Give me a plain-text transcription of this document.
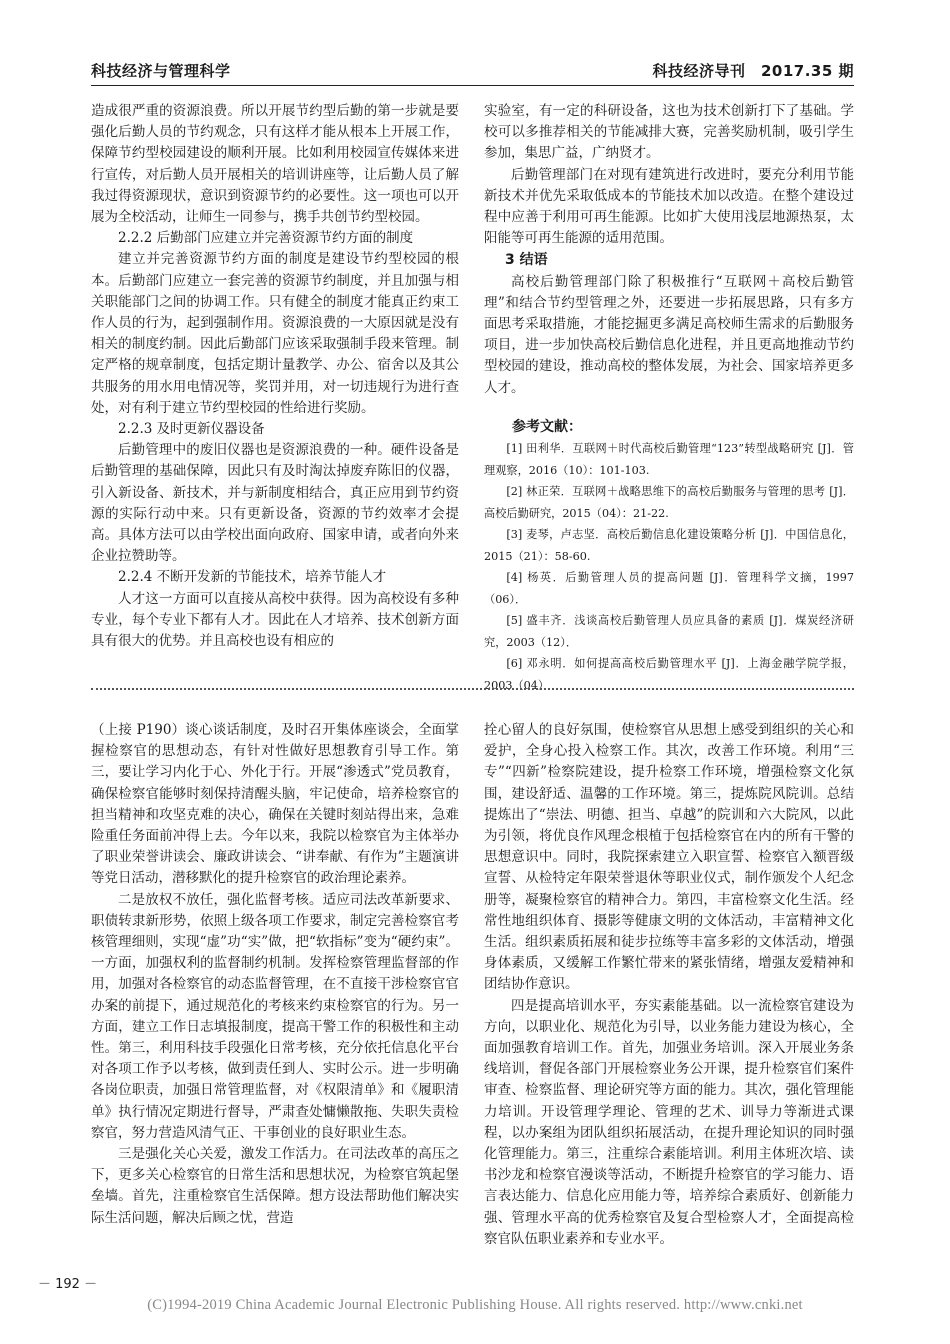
科技经济与管理科学	科技经济导刊　2017.35 期

造成很严重的资源浪费。所以开展节约型后勤的第一步就是要强化后勤人员的节约观念，只有这样才能从根本上开展工作，保障节约型校园建设的顺利开展。比如利用校园宣传媒体来进行宣传，对后勤人员开展相关的培训讲座等，让后勤人员了解我过得资源现状，意识到资源节约的必要性。这一项也可以开展为全校活动，让师生一同参与，携手共创节约型校园。

2.2.2 后勤部门应建立并完善资源节约方面的制度

建立并完善资源节约方面的制度是建设节约型校园的根本。后勤部门应建立一套完善的资源节约制度，并且加强与相关职能部门之间的协调工作。只有健全的制度才能真正约束工作人员的行为，起到强制作用。资源浪费的一大原因就是没有相关的制度约制。因此后勤部门应该采取强制手段来管理。制定严格的规章制度，包括定期计量教学、办公、宿舍以及其公共服务的用水用电情况等，奖罚并用，对一切违规行为进行查处，对有利于建立节约型校园的性给进行奖励。

2.2.3 及时更新仪器设备

后勤管理中的废旧仪器也是资源浪费的一种。硬件设备是后勤管理的基础保障，因此只有及时淘汰掉废弃陈旧的仪器，引入新设备、新技术，并与新制度相结合，真正应用到节约资源的实际行动中来。只有更新设备，资源的节约效率才会提高。具体方法可以由学校出面向政府、国家申请，或者向外来企业拉赞助等。

2.2.4 不断开发新的节能技术，培养节能人才

人才这一方面可以直接从高校中获得。因为高校设有多种专业，每个专业下都有人才。因此在人才培养、技术创新方面具有很大的优势。并且高校也设有相应的

实验室，有一定的科研设备，这也为技术创新打下了基础。学校可以多推荐相关的节能减排大赛，完善奖励机制，吸引学生参加，集思广益，广纳贤才。

后勤管理部门在对现有建筑进行改进时，要充分利用节能新技术并优先采取低成本的节能技术加以改造。在整个建设过程中应善于利用可再生能源。比如扩大使用浅层地源热泵，太阳能等可再生能源的适用范围。

3 结语

高校后勤管理部门除了积极推行“互联网＋高校后勤管理”和结合节约型管理之外，还要进一步拓展思路，只有多方面思考采取措施，才能挖掘更多满足高校师生需求的后勤服务项目，进一步加快高校后勤信息化进程，并且更高地推动节约型校园的建设，推动高校的整体发展，为社会、国家培养更多人才。

参考文献：

[1] 田利华．互联网＋时代高校后勤管理“123”转型战略研究 [J]．管理观察，2016（10）：101-103.

[2] 林正荣．互联网＋战略思维下的高校后勤服务与管理的思考 [J]．高校后勤研究，2015（04）：21-22.

[3] 麦琴，卢志坚．高校后勤信息化建设策略分析 [J]．中国信息化，2015（21）：58-60.

[4] 杨英．后勤管理人员的提高问题 [J]．管理科学文摘，1997（06）．

[5] 盛丰齐．浅谈高校后勤管理人员应具备的素质 [J]．煤炭经济研究，2003（12）．

[6] 邓永明．如何提高高校后勤管理水平 [J]．上海金融学院学报，2003（04）．

（上接 P190）谈心谈话制度，及时召开集体座谈会，全面掌握检察官的思想动态，有针对性做好思想教育引导工作。第三，要让学习内化于心、外化于行。开展“渗透式”党员教育，确保检察官能够时刻保持清醒头脑，牢记使命，培养检察官的担当精神和攻坚克难的决心，确保在关键时刻站得出来，急难险重任务面前冲得上去。今年以来，我院以检察官为主体举办了职业荣誉讲读会、廉政讲读会、“讲奉献、有作为”主题演讲等党日活动，潜移默化的提升检察官的政治理论素养。

二是放权不放任，强化监督考核。适应司法改革新要求、职债转隶新形势，依照上级各项工作要求，制定完善检察官考核管理细则，实现“虚”功“实”做，把“软指标”变为“硬约束”。一方面，加强权利的监督制约机制。发挥检察管理监督部的作用，加强对各检察官的动态监督管理，在不直接干涉检察官官办案的前提下，通过规范化的考核来约束检察官的行为。另一方面，建立工作日志填报制度，提高干警工作的积极性和主动性。第三，利用科技手段强化日常考核，充分依托信息化平台对各项工作予以考核，做到责任到人、实时公示。进一步明确各岗位职责，加强日常管理监督，对《权限清单》和《履职清单》执行情况定期进行督导，严肃查处慵懒散拖、失职失责检察官，努力营造风清气正、干事创业的良好职业生态。

三是强化关心关爱，激发工作活力。在司法改革的高压之下，更多关心检察官的日常生活和思想状况，为检察官筑起堡垒墙。首先，注重检察官生活保障。想方设法帮助他们解决实际生活问题，解决后顾之忧，营造

拴心留人的良好氛围，使检察官从思想上感受到组织的关心和爱护，全身心投入检察工作。其次，改善工作环境。利用“三专”“四新”检察院建设，提升检察工作环境，增强检察文化氛围，建设舒适、温馨的工作环境。第三，提炼院风院训。总结提炼出了“崇法、明德、担当、卓越”的院训和六大院风，以此为引领，将优良作风理念根植于包括检察官在内的所有干警的思想意识中。同时，我院探索建立入职宣誓、检察官入额晋级宣誓、从检特定年限荣誉退休等职业仪式，制作颁发个人纪念册等，凝聚检察官的精神合力。第四，丰富检察文化生活。经常性地组织体育、摄影等健康文明的文体活动，丰富精神文化生活。组织素质拓展和徒步拉练等丰富多彩的文体活动，增强身体素质，又缓解工作繁忙带来的紧张情绪，增强友爱精神和团结协作意识。

四是提高培训水平，夯实素能基础。以一流检察官建设为方向，以职业化、规范化为引导，以业务能力建设为核心，全面加强教育培训工作。首先，加强业务培训。深入开展业务条线培训，督促各部门开展检察业务公开课，提升检察官们案件审查、检察监督、理论研究等方面的能力。其次，强化管理能力培训。开设管理学理论、管理的艺术、训导力等渐进式课程，以办案组为团队组织拓展活动，在提升理论知识的同时强化管理能力。第三，注重综合素能培训。利用主体班次培、读书沙龙和检察官漫谈等活动，不断提升检察官的学习能力、语言表达能力、信息化应用能力等，培养综合素质好、创新能力强、管理水平高的优秀检察官及复合型检察人才，全面提高检察官队伍职业素养和专业水平。

－ 192 －
(C)1994-2019 China Academic Journal Electronic Publishing House. All rights reserved. http://www.cnki.net
